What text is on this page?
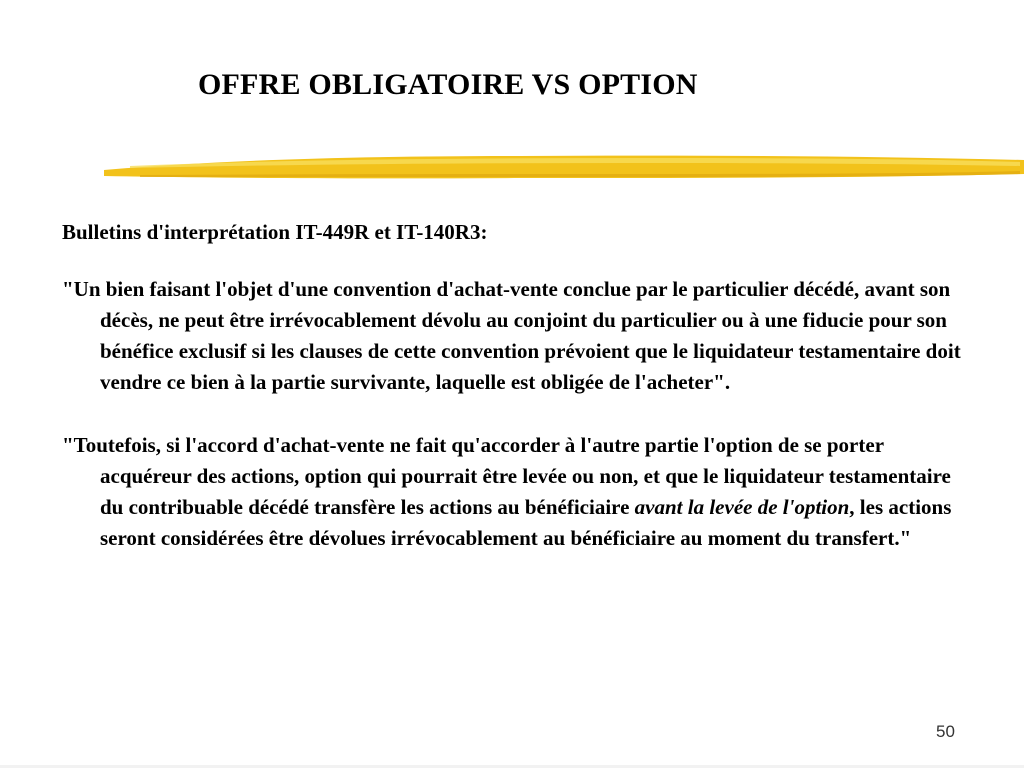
OFFRE OBLIGATOIRE VS OPTION
Bulletins d'interprétation IT-449R et IT-140R3:

"Un bien faisant l'objet d'une convention d'achat-vente conclue par le particulier décédé, avant son décès, ne peut être irrévocablement dévolu au conjoint du particulier ou à une fiducie pour son bénéfice exclusif si les clauses de cette convention prévoient que le liquidateur testamentaire doit vendre ce bien à la partie survivante, laquelle est obligée de l'acheter".

"Toutefois, si l'accord d'achat-vente ne fait qu'accorder à l'autre partie l'option de se porter acquéreur des actions, option qui pourrait être levée ou non, et que le liquidateur testamentaire du contribuable décédé transfère les actions au bénéficiaire avant la levée de l'option, les actions seront considérées être dévolues irrévocablement au bénéficiaire au moment du transfert."

50
